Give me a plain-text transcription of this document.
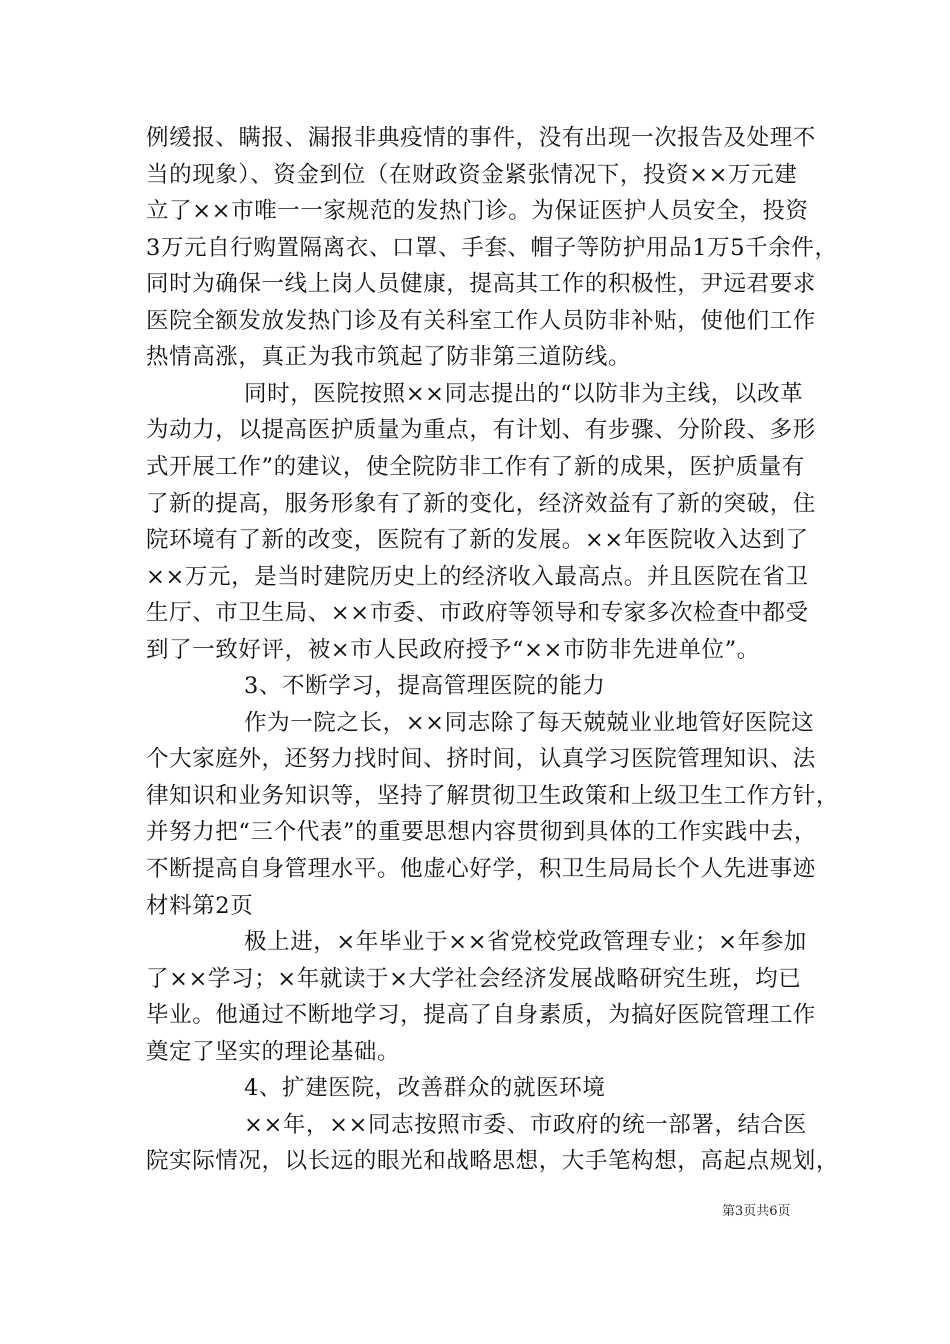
例缓报、瞒报、漏报非典疫情的事件，没有出现一次报告及处理不
当的现象）、资金到位（在财政资金紧张情况下，投资××万元建
立了××市唯一一家规范的发热门诊。为保证医护人员安全，投资
3万元自行购置隔离衣、口罩、手套、帽子等防护用品1万5千余件，
同时为确保一线上岗人员健康，提高其工作的积极性，尹远君要求
医院全额发放发热门诊及有关科室工作人员防非补贴，使他们工作
热情高涨，真正为我市筑起了防非第三道防线。
同时，医院按照××同志提出的“以防非为主线，以改革
为动力，以提高医护质量为重点，有计划、有步骤、分阶段、多形
式开展工作”的建议，使全院防非工作有了新的成果，医护质量有
了新的提高，服务形象有了新的变化，经济效益有了新的突破，住
院环境有了新的改变，医院有了新的发展。××年医院收入达到了
××万元，是当时建院历史上的经济收入最高点。并且医院在省卫
生厅、市卫生局、××市委、市政府等领导和专家多次检查中都受
到了一致好评，被×市人民政府授予“××市防非先进单位”。
3、不断学习，提高管理医院的能力
作为一院之长，××同志除了每天兢兢业业地管好医院这
个大家庭外，还努力找时间、挤时间，认真学习医院管理知识、法
律知识和业务知识等，坚持了解贯彻卫生政策和上级卫生工作方针，
并努力把“三个代表”的重要思想内容贯彻到具体的工作实践中去，
不断提高自身管理水平。他虚心好学，积卫生局局长个人先进事迹
材料第2页
极上进，×年毕业于××省党校党政管理专业；×年参加
了××学习；×年就读于×大学社会经济发展战略研究生班，均已
毕业。他通过不断地学习，提高了自身素质，为搞好医院管理工作
奠定了坚实的理论基础。
4、扩建医院，改善群众的就医环境
××年，××同志按照市委、市政府的统一部署，结合医
院实际情况，以长远的眼光和战略思想，大手笔构想，高起点规划，
第3页共6页
